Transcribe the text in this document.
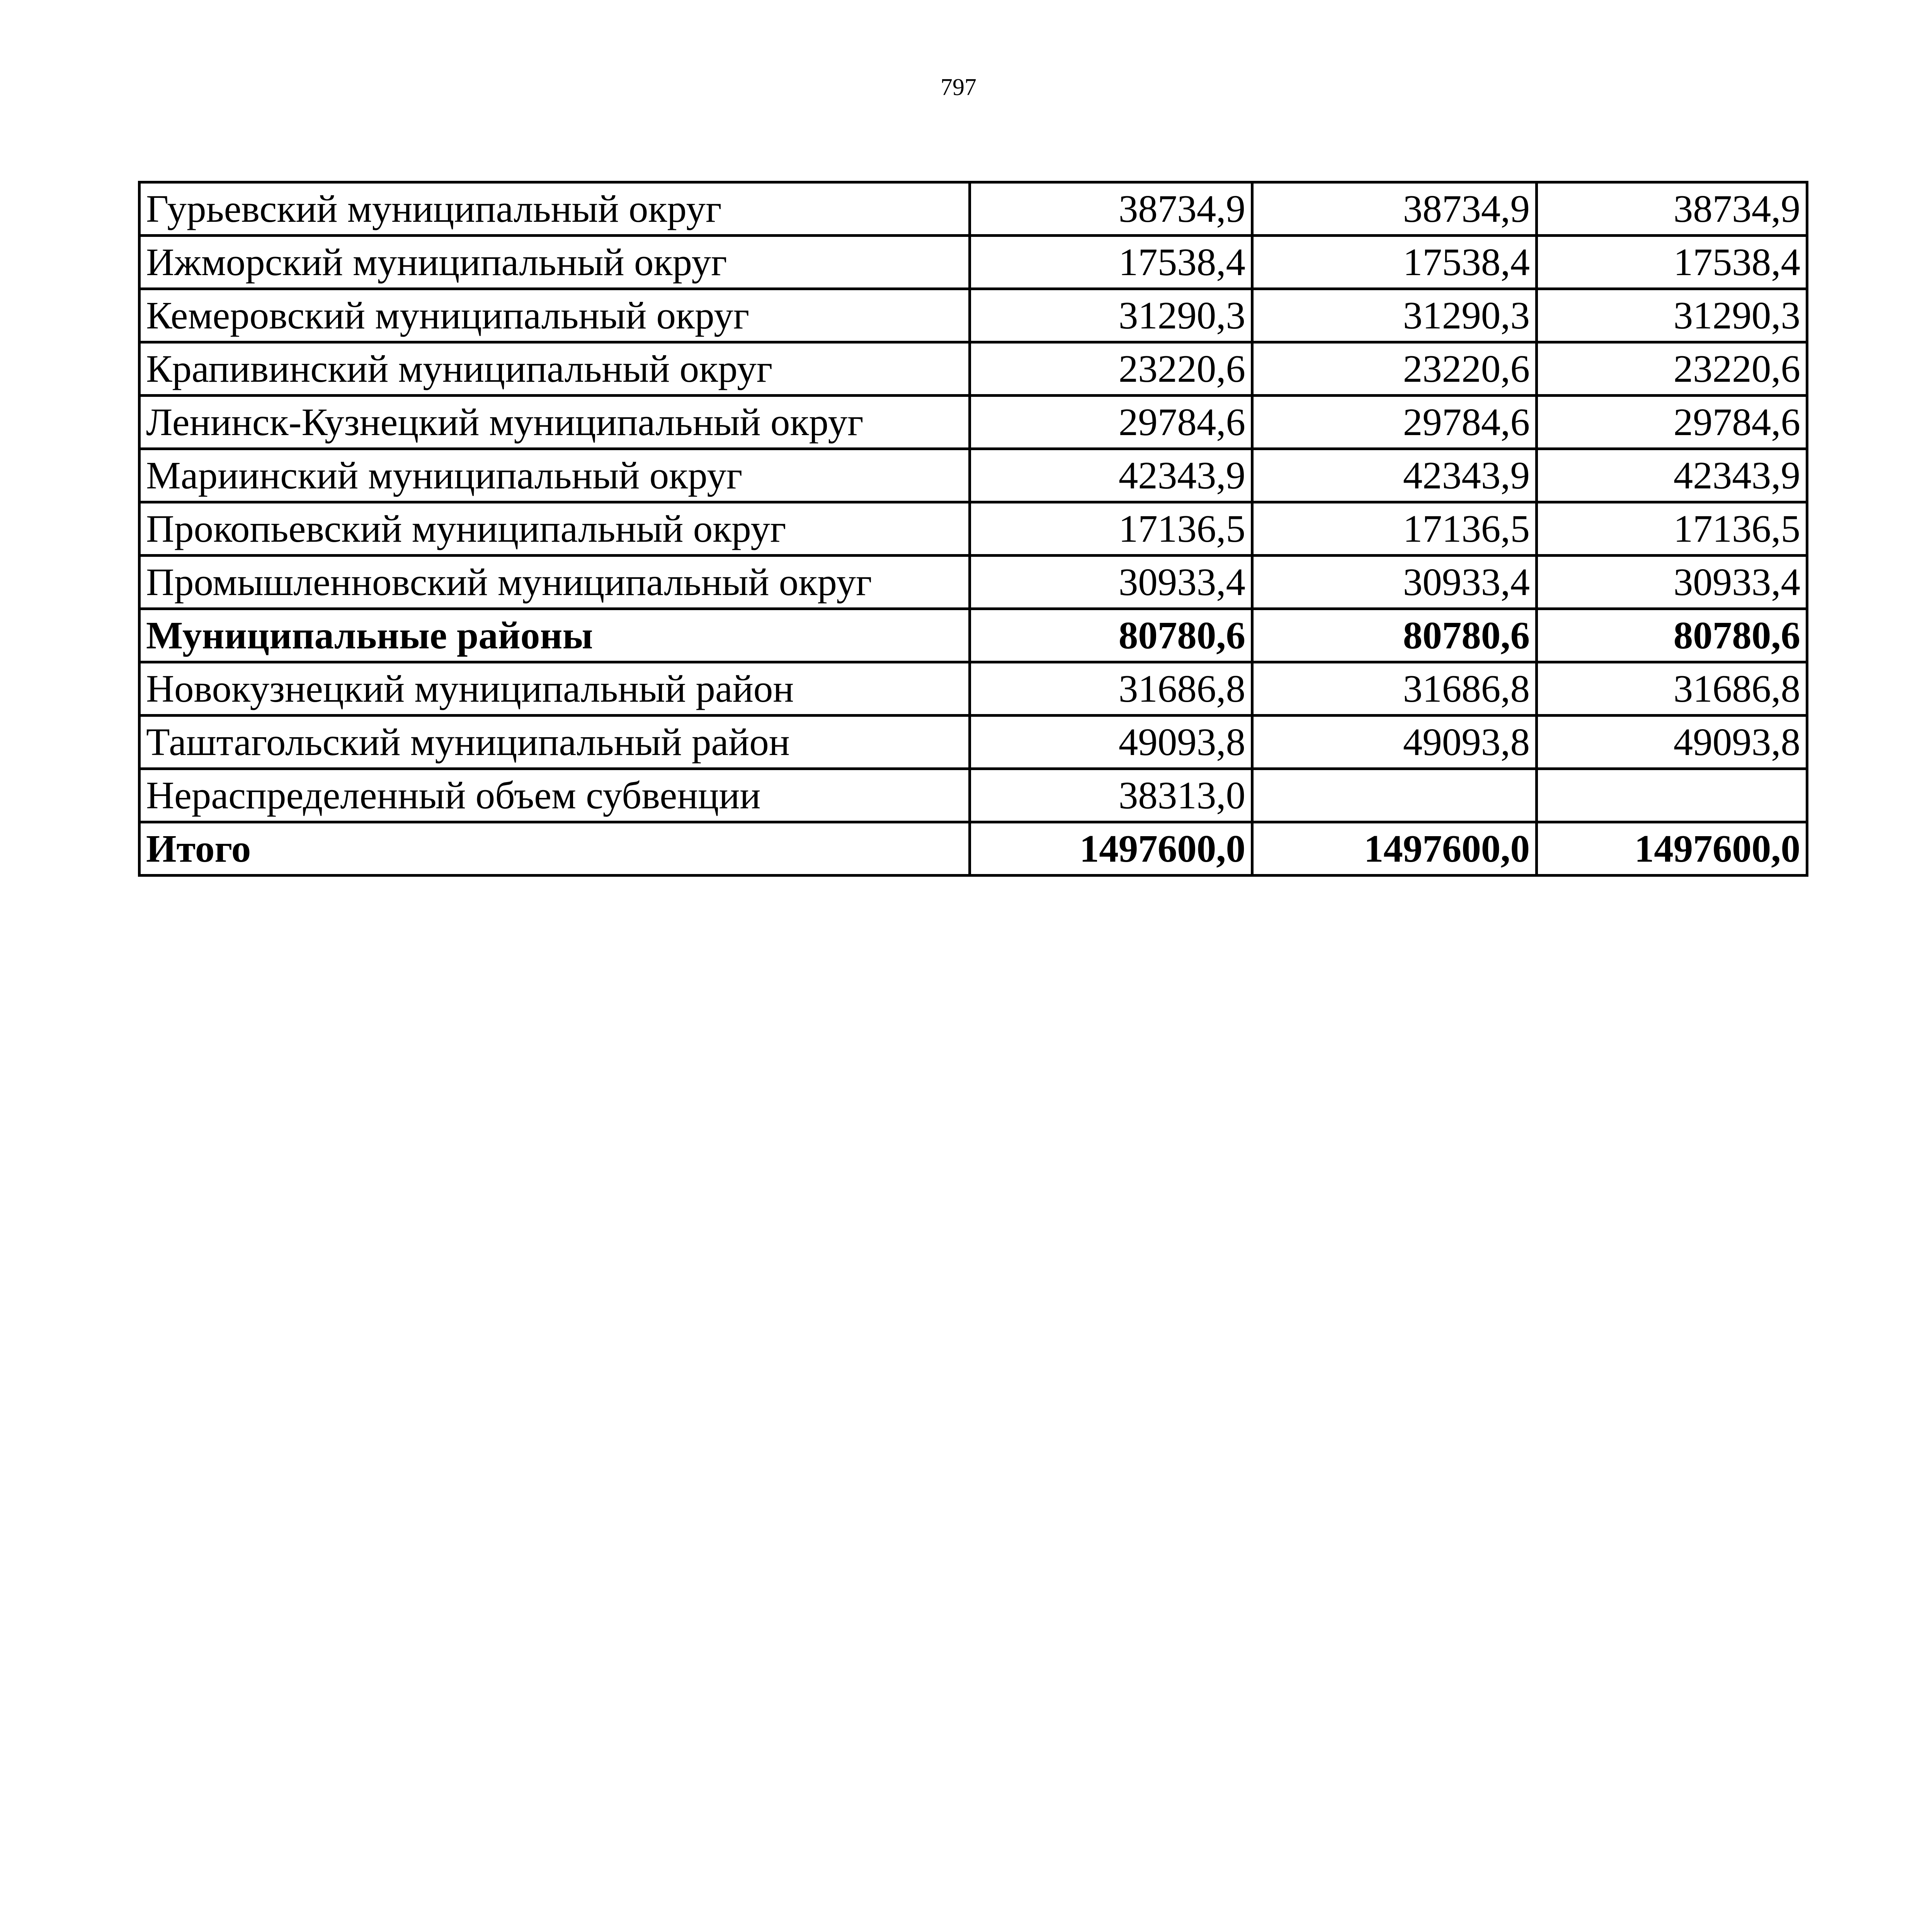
797
Гурьевский муниципальный округ	38734,9	38734,9	38734,9
Ижморский муниципальный округ	17538,4	17538,4	17538,4
Кемеровский муниципальный округ	31290,3	31290,3	31290,3
Крапивинский муниципальный округ	23220,6	23220,6	23220,6
Ленинск-Кузнецкий муниципальный округ	29784,6	29784,6	29784,6
Мариинский муниципальный округ	42343,9	42343,9	42343,9
Прокопьевский муниципальный округ	17136,5	17136,5	17136,5
Промышленновский муниципальный округ	30933,4	30933,4	30933,4
Муниципальные районы	80780,6	80780,6	80780,6
Новокузнецкий муниципальный район	31686,8	31686,8	31686,8
Таштагольский муниципальный район	49093,8	49093,8	49093,8
Нераспределенный объем субвенции	38313,0		
Итого	1497600,0	1497600,0	1497600,0
